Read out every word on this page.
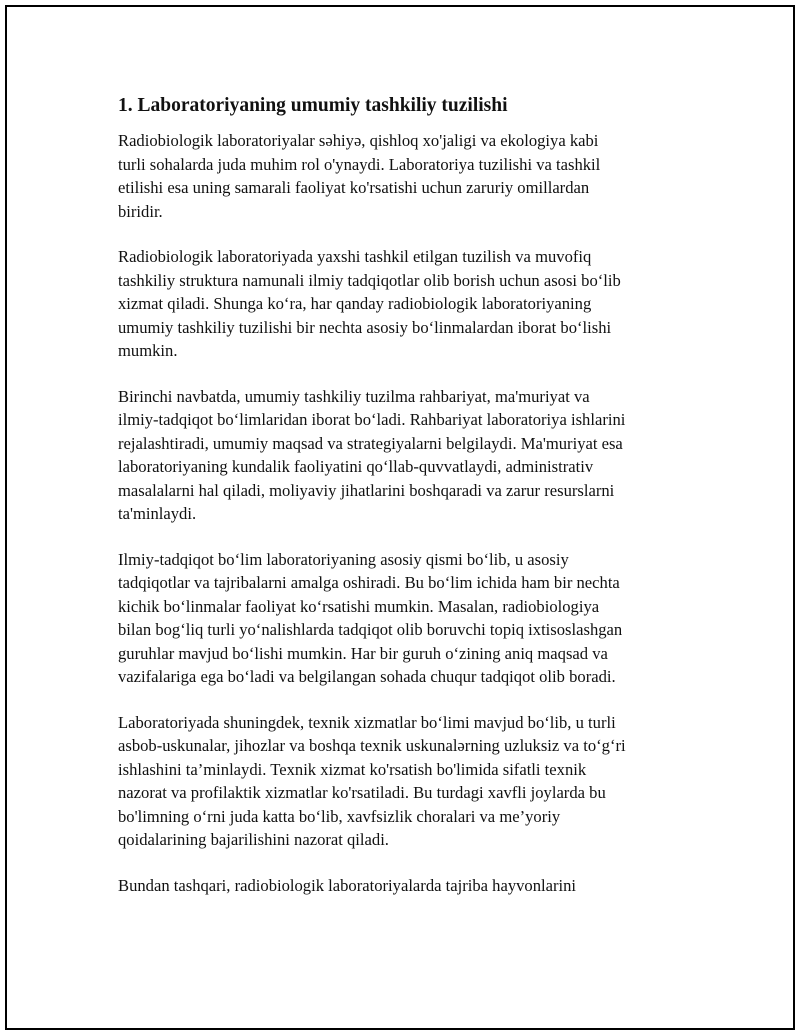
1. Laboratoriyaning umumiy tashkiliy tuzilishi

Radiobiologik laboratoriyalar səhiyə, qishloq xo'jaligi va ekologiya kabi
turli sohalarda juda muhim rol o'ynaydi. Laboratoriya tuzilishi va tashkil
etilishi esa uning samarali faoliyat ko'rsatishi uchun zaruriy omillardan
biridir.

Radiobiologik laboratoriyada yaxshi tashkil etilgan tuzilish va muvofiq
tashkiliy struktura namunali ilmiy tadqiqotlar olib borish uchun asosi bo‘lib
xizmat qiladi. Shunga ko‘ra, har qanday radiobiologik laboratoriyaning
umumiy tashkiliy tuzilishi bir nechta asosiy bo‘linmalardan iborat bo‘lishi
mumkin.

Birinchi navbatda, umumiy tashkiliy tuzilma rahbariyat, ma'muriyat va
ilmiy-tadqiqot bo‘limlaridan iborat bo‘ladi. Rahbariyat laboratoriya ishlarini
rejalashtiradi, umumiy maqsad va strategiyalarni belgilaydi. Ma'muriyat esa
laboratoriyaning kundalik faoliyatini qo‘llab-quvvatlaydi, administrativ
masalalarni hal qiladi, moliyaviy jihatlarini boshqaradi va zarur resurslarni
ta'minlaydi.

Ilmiy-tadqiqot bo‘lim laboratoriyaning asosiy qismi bo‘lib, u asosiy
tadqiqotlar va tajribalarni amalga oshiradi. Bu bo‘lim ichida ham bir nechta
kichik bo‘linmalar faoliyat ko‘rsatishi mumkin. Masalan, radiobiologiya
bilan bog‘liq turli yo‘nalishlarda tadqiqot olib boruvchi topiq ixtisoslashgan
guruhlar mavjud bo‘lishi mumkin. Har bir guruh o‘zining aniq maqsad va
vazifalariga ega bo‘ladi va belgilangan sohada chuqur tadqiqot olib boradi.

Laboratoriyada shuningdek, texnik xizmatlar bo‘limi mavjud bo‘lib, u turli
asbob-uskunalar, jihozlar va boshqa texnik uskunalərning uzluksiz va to‘g‘ri
ishlashini ta’minlaydi. Texnik xizmat ko'rsatish bo'limida sifatli texnik
nazorat va profilaktik xizmatlar ko'rsatiladi. Bu turdagi xavfli joylarda bu
bo'limning o‘rni juda katta bo‘lib, xavfsizlik choralari va me’yoriy
qoidalarining bajarilishini nazorat qiladi.

Bundan tashqari, radiobiologik laboratoriyalarda tajriba hayvonlarini
